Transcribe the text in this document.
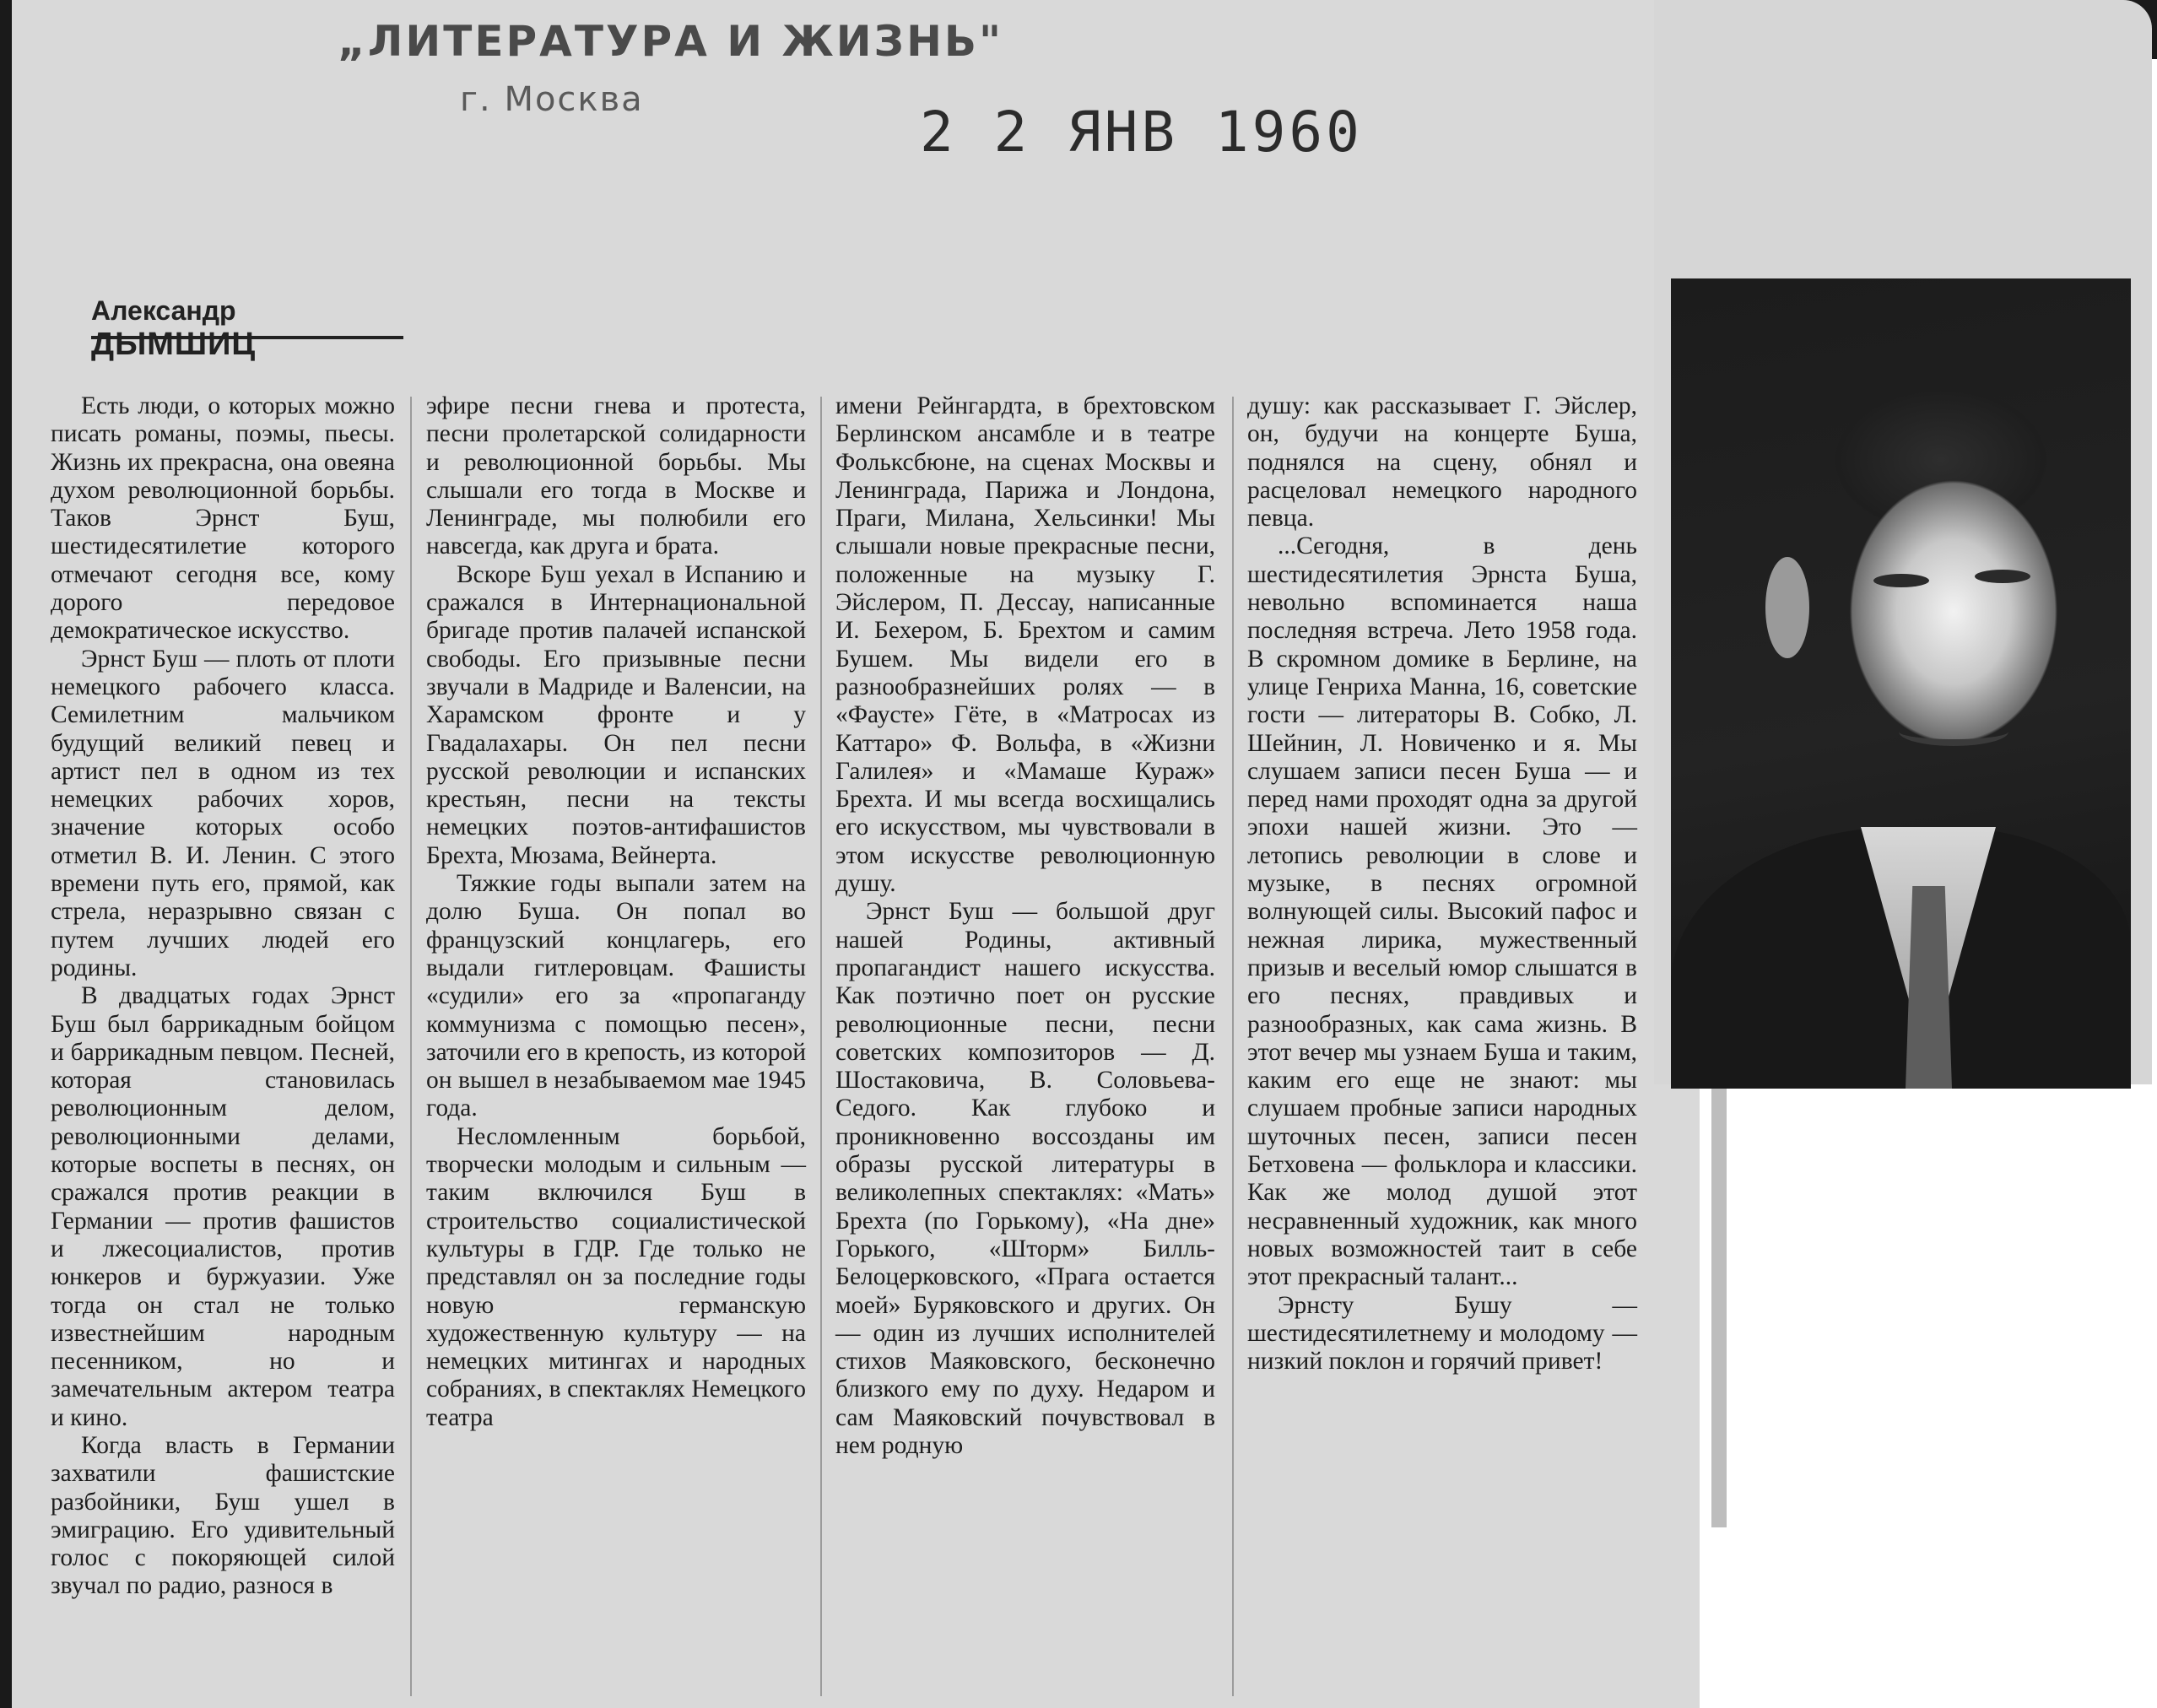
„ЛИТЕРАТУРА И ЖИЗНЬ"
г. Москва	2 2 ЯНВ 1960
Александр ДЫМШИЦ

Есть люди, о которых можно писать романы, поэмы, пьесы. Жизнь их прекрасна, она овеяна духом революционной борьбы. Таков Эрнст Буш, шестидесятилетие которого отмечают сегодня все, кому дорого передовое демократическое искусство.

Эрнст Буш — плоть от плоти немецкого рабочего класса. Семилетним мальчиком будущий великий певец и артист пел в одном из тех немецких рабочих хоров, значение которых особо отметил В. И. Ленин. С этого времени путь его, прямой, как стрела, неразрывно связан с путем лучших людей его родины.

В двадцатых годах Эрнст Буш был баррикадным бойцом и баррикадным певцом. Песней, которая становилась революционным делом, революционными делами, которые воспеты в песнях, он сражался против реакции в Германии — против фашистов и лжесоциалистов, против юнкеров и буржуазии. Уже тогда он стал не только известнейшим народным песенником, но и замечательным актером театра и кино.

Когда власть в Германии захватили фашистские разбойники, Буш ушел в эмиграцию. Его удивительный голос с покоряющей силой звучал по радио, разнося в

эфире песни гнева и протеста, песни пролетарской солидарности и революционной борьбы. Мы слышали его тогда в Москве и Ленинграде, мы полюбили его навсегда, как друга и брата.

Вскоре Буш уехал в Испанию и сражался в Интернациональной бригаде против палачей испанской свободы. Его призывные песни звучали в Мадриде и Валенсии, на Харамском фронте и у Гвадалахары. Он пел песни русской революции и испанских крестьян, песни на тексты немецких поэтов-антифашистов Брехта, Мюзама, Вейнерта.

Тяжкие годы выпали затем на долю Буша. Он попал во французский концлагерь, его выдали гитлеровцам. Фашисты «судили» его за «пропаганду коммунизма с помощью песен», заточили его в крепость, из которой он вышел в незабываемом мае 1945 года.

Несломленным борьбой, творчески молодым и сильным — таким включился Буш в строительство социалистической культуры в ГДР. Где только не представлял он за последние годы новую германскую художественную культуру — на немецких митингах и народных собраниях, в спектаклях Немецкого театра

имени Рейнгардта, в брехтовском Берлинском ансамбле и в театре Фольксбюне, на сценах Москвы и Ленинграда, Парижа и Лондона, Праги, Милана, Хельсинки! Мы слышали новые прекрасные песни, положенные на музыку Г. Эйслером, П. Дессау, написанные И. Бехером, Б. Брехтом и самим Бушем. Мы видели его в разнообразнейших ролях — в «Фаусте» Гёте, в «Матросах из Каттаро» Ф. Вольфа, в «Жизни Галилея» и «Мамаше Кураж» Брехта. И мы всегда восхищались его искусством, мы чувствовали в этом искусстве революционную душу.

Эрнст Буш — большой друг нашей Родины, активный пропагандист нашего искусства. Как поэтично поет он русские революционные песни, песни советских композиторов — Д. Шостаковича, В. Соловьева-Седого. Как глубоко и проникновенно воссозданы им образы русской литературы в великолепных спектаклях: «Мать» Брехта (по Горькому), «На дне» Горького, «Шторм» Билль-Белоцерковского, «Прага остается моей» Буряковского и других. Он — один из лучших исполнителей стихов Маяковского, бесконечно близкого ему по духу. Недаром и сам Маяковский почувствовал в нем родную

душу: как рассказывает Г. Эйслер, он, будучи на концерте Буша, поднялся на сцену, обнял и расцеловал немецкого народного певца.

...Сегодня, в день шестидесятилетия Эрнста Буша, невольно вспоминается наша последняя встреча. Лето 1958 года. В скромном домике в Берлине, на улице Генриха Манна, 16, советские гости — литераторы В. Собко, Л. Шейнин, Л. Новиченко и я. Мы слушаем записи песен Буша — и перед нами проходят одна за другой эпохи нашей жизни. Это — летопись революции в слове и музыке, в песнях огромной волнующей силы. Высокий пафос и нежная лирика, мужественный призыв и веселый юмор слышатся в его песнях, правдивых и разнообразных, как сама жизнь. В этот вечер мы узнаем Буша и таким, каким его еще не знают: мы слушаем пробные записи народных шуточных песен, записи песен Бетховена — фольклора и классики. Как же молод душой этот несравненный художник, как много новых возможностей таит в себе этот прекрасный талант...

Эрнсту Бушу — шестидесятилетнему и молодому — низкий поклон и горячий привет!
